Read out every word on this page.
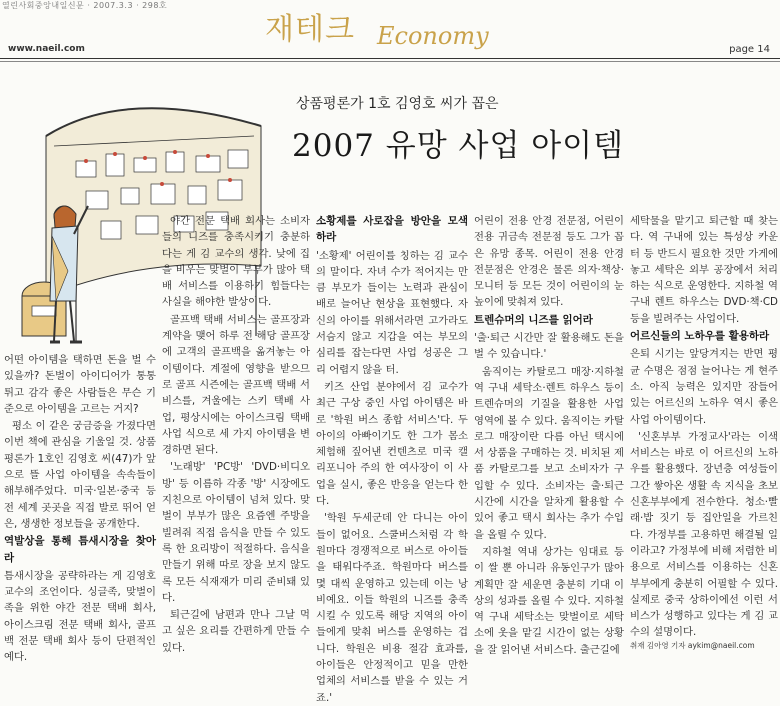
열린사회중앙내일신문 · 2007.3.3 · 298호
www.naeil.com
재테크 Economy	page 14
상품평론가 1호 김영호 씨가 꼽은
2007 유망 사업 아이템

어떤 아이템을 택하면 돈을 벌 수 있을까? 돈벌이 아이디어가 통통 튀고 감각 좋은 사람들은 무슨 기준으로 아이템을 고르는 거지?

평소 이 같은 궁금증을 가졌다면 이번 책에 관심을 기울일 것. 상품평론가 1호인 김영호 씨(47)가 앞으로 뜰 사업 아이템을 속속들이 해부해주었다. 미국·일본·중국 등 전 세계 곳곳을 직접 발로 뛰어 얻은, 생생한 정보들을 공개한다.

역발상을 통해 틈새시장을 찾아라

틈새시장을 공략하라는 게 김영호 교수의 조언이다. 싱글족, 맞벌이 족을 위한 야간 전문 택배 회사, 아이스크림 전문 택배 회사, 골프백 전문 택배 회사 등이 단편적인 예다.

야간 전문 택배 회사는 소비자들의 니즈를 충족시키기 충분하다는 게 김 교수의 생각. 낮에 집을 비우는 맞벌이 부부가 많아 택배 서비스를 이용하기 힘들다는 사실을 해야한 발상이다.

골프백 택배 서비스는 골프장과 계약을 맺어 하루 전 해당 골프장에 고객의 골프백을 옮겨놓는 아이템이다. 계절에 영향을 받으므로 골프 시즌에는 골프백 택배 서비스를, 겨울에는 스키 택배 사업, 평상시에는 아이스크림 택배 사업 식으로 세 가지 아이템을 변경하면 된다.

'노래방' 'PC방' 'DVD·비디오방' 등 이름하 각종 '방' 시장에도 지친으로 아이템이 넘쳐 있다. 맞벌이 부부가 많은 요즘엔 주방을 빌려줘 직접 음식을 만들 수 있도록 한 요리방이 적절하다. 음식을 만들기 위해 따로 장을 보지 않도록 모든 식재재가 미리 준비돼 있다.

퇴근길에 남편과 만나 그날 먹고 싶은 요리를 간편하게 만들 수 있다.

소황제를 사로잡을 방안을 모색하라

'소황제' 어린이를 칭하는 김 교수의 말이다. 자녀 수가 적어지는 만큼 부모가 들이는 노력과 관심이 배로 늘어난 현상을 표현했다. 자신의 아이를 위해서라면 고가라도 서슴지 않고 지갑을 여는 부모의 심리를 잡는다면 사업 성공은 그리 어렵지 않을 터.

키즈 산업 분야에서 김 교수가 최근 구상 중인 사업 아이템은 바로 '학원 버스 종합 서비스'다. 두 아이의 아빠이기도 한 그가 몸소 체험해 짚어낸 컨텐츠로 미국 캘리포니아 주의 한 여사장이 이 사업을 실시, 좋은 반응을 얻는다 한다.

'학원 두세군데 안 다니는 아이들이 없어요. 스쿨버스처럼 각 학원마다 경쟁적으로 버스로 아이들을 태워다주죠. 학원마다 버스를 몇 대씩 운영하고 있는데 이는 낭비예요. 이들 학원의 니즈를 충족시킬 수 있도록 해당 지역의 아이들에게 맞춰 버스를 운영하는 겁니다. 학원은 비용 절감 효과를, 아이들은 안정적이고 믿을 만한 업체의 서비스를 받을 수 있는 거죠.'

어린이 전용 안경 전문점, 어린이 전용 귀금속 전문점 등도 그가 꼽은 유망 종목. 어린이 전용 안경 전문점은 안경은 물론 의자·책상·모니터 등 모든 것이 어린이의 눈높이에 맞춰져 있다.

트렌슈머의 니즈를 읽어라

'출·퇴근 시간만 잘 활용해도 돈을 벌 수 있습니다.'

움직이는 카탈로그 매장·지하철 역 구내 세탁소·렌트 하우스 등이 트렌슈머의 기질을 활용한 사업 영역에 볼 수 있다. 움직이는 카탈로그 매장이란 다름 아닌 택시에서 상품을 구매하는 것. 비치된 제품 카탈로그를 보고 소비자가 구입할 수 있다. 소비자는 출·퇴근 시간에 시간을 알차게 활용할 수 있어 좋고 택시 회사는 추가 수입을 올릴 수 있다.

지하철 역내 상가는 임대료 등이 쌀 뿐 아니라 유동인구가 많아 계획만 잘 세운면 충분히 기대 이상의 성과를 올릴 수 있다. 지하철 역 구내 세탁소는 맞벌이로 세탁소에 옷을 맡길 시간이 없는 상황을 잘 읽어낸 서비스다. 출근길에

세탁물을 맡기고 퇴근할 때 찾는다. 역 구내에 있는 특성상 카운터 등 반드시 필요한 것만 가게에 놓고 세탁은 외부 공장에서 처리하는 식으로 운영한다. 지하철 역 구내 렌트 하우스는 DVD·책·CD 등을 빌려주는 사업이다.

어르신들의 노하우를 활용하라

은퇴 시기는 앞당겨지는 반면 평균 수명은 점점 늘어나는 게 현주소. 아직 능력은 있지만 잠들어 있는 어르신의 노하우 역시 좋은 사업 아이템이다.

'신혼부부 가정교사'라는 이색 서비스는 바로 이 어르신의 노하우를 활용했다. 장년층 여성들이 그간 쌓아온 생활 속 지식을 초보 신혼부부에게 전수한다. 청소·빨래·밥 짓기 등 집안일을 가르친다. 가정부를 고용하면 해결될 일이라고? 가정부에 비해 저렴한 비용으로 서비스를 이용하는 신혼부부에게 충분히 어필할 수 있다. 실제로 중국 상하이에선 이런 서비스가 성행하고 있다는 게 김 교수의 설명이다.

취재 김아영 기자 aykim@naeil.com
